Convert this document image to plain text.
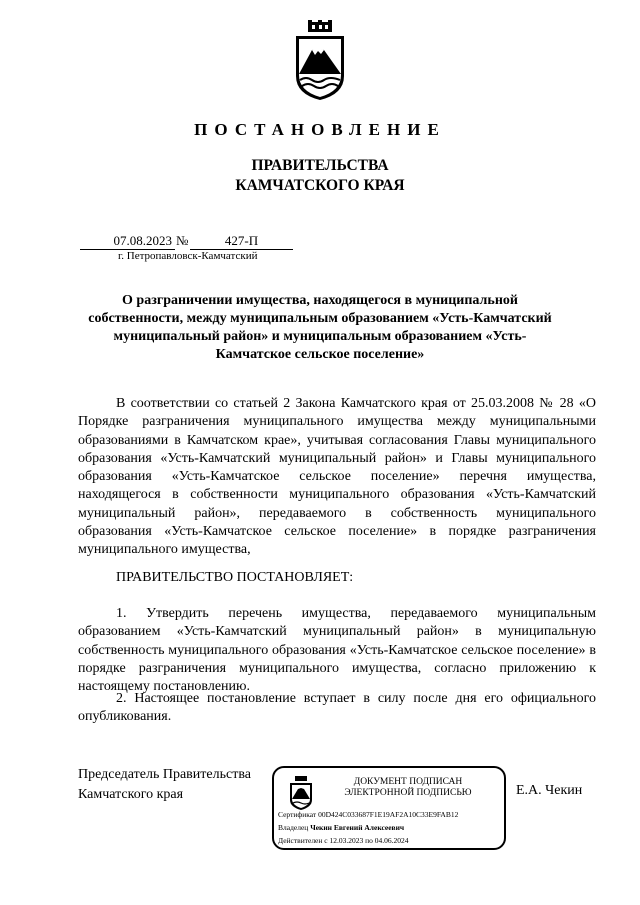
ПОСТАНОВЛЕНИЕ
ПРАВИТЕЛЬСТВА
КАМЧАТСКОГО КРАЯ
07.08.2023 №	427-П
г. Петропавловск-Камчатский
О разграничении имущества, находящегося в муниципальной собственности, между муниципальным образованием «Усть-Камчатский муниципальный район» и муниципальным образованием «Усть-Камчатское сельское поселение»
В соответствии со статьей 2 Закона Камчатского края от 25.03.2008 № 28 «О Порядке разграничения муниципального имущества между муниципальными образованиями в Камчатском крае», учитывая согласования Главы муниципального образования «Усть-Камчатский муниципальный район» и Главы муниципального образования «Усть-Камчатское сельское поселение» перечня имущества, находящегося в собственности муниципального образования «Усть-Камчатский муниципальный район», передаваемого в собственность муниципального образования «Усть-Камчатское сельское поселение» в порядке разграничения муниципального имущества,
ПРАВИТЕЛЬСТВО ПОСТАНОВЛЯЕТ:
1. Утвердить перечень имущества, передаваемого муниципальным образованием «Усть-Камчатский муниципальный район» в муниципальную собственность муниципального образования «Усть-Камчатское сельское поселение» в порядке разграничения муниципального имущества, согласно приложению к настоящему постановлению.
2. Настоящее постановление вступает в силу после дня его официального опубликования.
Председатель Правительства
Камчатского края	Е.А. Чекин
ДОКУМЕНТ ПОДПИСАН
ЭЛЕКТРОННОЙ ПОДПИСЬЮ
Сертификат 00D424C033687F1E19AF2A10C33E9FAB12
Владелец Чекин Евгений Алексеевич
Действителен с 12.03.2023 по 04.06.2024
